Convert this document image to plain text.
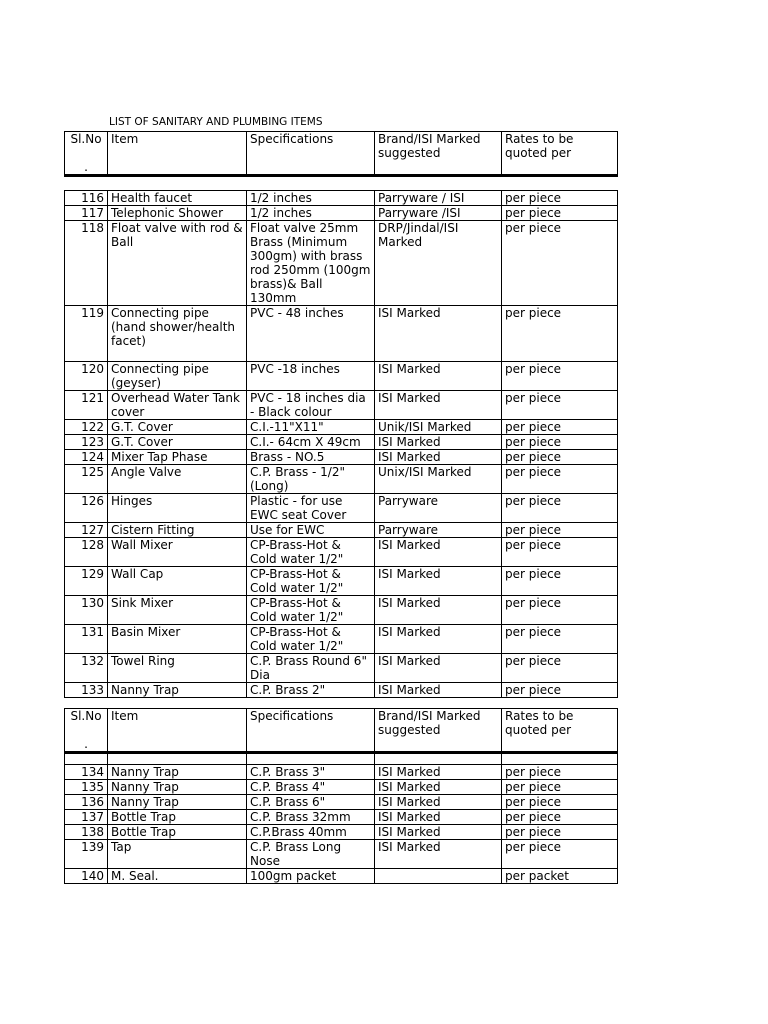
LIST OF SANITARY AND PLUMBING ITEMS
Sl.No	Item	Specifications	Brand/ISI Marked suggested	Rates to be quoted per
.				
116	Health faucet	1/2 inches	Parryware / ISI	per piece
117	Telephonic Shower	1/2 inches	Parryware /ISI	per piece
118	Float valve with rod & Ball	Float valve 25mm Brass (Minimum 300gm) with brass rod 250mm (100gm brass)& Ball 130mm	DRP/Jindal/ISI Marked	per piece
119	Connecting pipe (hand shower/health facet)	PVC - 48 inches	ISI Marked	per piece
120	Connecting pipe (geyser)	PVC -18 inches	ISI Marked	per piece
121	Overhead Water Tank cover	PVC - 18 inches dia - Black colour	ISI Marked	per piece
122	G.T. Cover	C.I.-11"X11"	Unik/ISI Marked	per piece
123	G.T. Cover	C.I.- 64cm X 49cm	ISI Marked	per piece
124	Mixer Tap Phase	Brass - NO.5	ISI Marked	per piece
125	Angle Valve	C.P. Brass - 1/2" (Long)	Unix/ISI Marked	per piece
126	Hinges	Plastic - for use EWC seat Cover	Parryware	per piece
127	Cistern Fitting	Use for EWC	Parryware	per piece
128	Wall Mixer	CP-Brass-Hot & Cold water 1/2"	ISI Marked	per piece
129	Wall Cap	CP-Brass-Hot & Cold water 1/2"	ISI Marked	per piece
130	Sink Mixer	CP-Brass-Hot & Cold water 1/2"	ISI Marked	per piece
131	Basin Mixer	CP-Brass-Hot & Cold water 1/2"	ISI Marked	per piece
132	Towel Ring	C.P. Brass Round 6" Dia	ISI Marked	per piece
133	Nanny Trap	C.P. Brass 2"	ISI Marked	per piece
Sl.No	Item	Specifications	Brand/ISI Marked suggested	Rates to be quoted per
.				

134	Nanny Trap	C.P. Brass 3"	ISI Marked	per piece
135	Nanny Trap	C.P. Brass 4"	ISI Marked	per piece
136	Nanny Trap	C.P. Brass 6"	ISI Marked	per piece
137	Bottle Trap	C.P. Brass 32mm	ISI Marked	per piece
138	Bottle Trap	C.P.Brass 40mm	ISI Marked	per piece
139	Tap	C.P. Brass Long Nose	ISI Marked	per piece
140	M. Seal.	100gm packet		per packet
